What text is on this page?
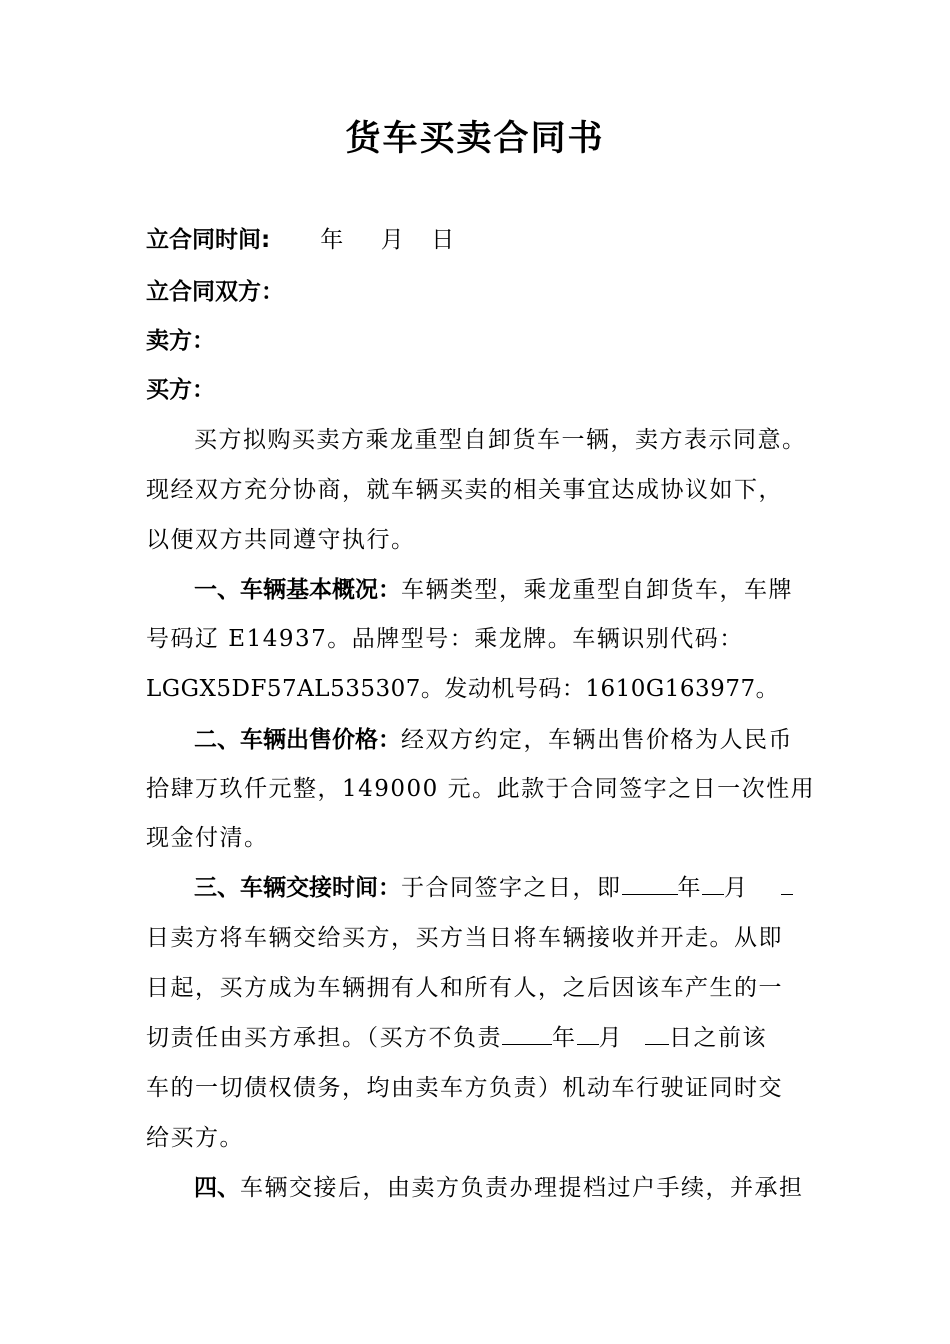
货车买卖合同书
立合同时间: 年 月 日
立合同双方：
卖方：
买方：
买方拟购买卖方乘龙重型自卸货车一辆，卖方表示同意。
现经双方充分协商，就车辆买卖的相关事宜达成协议如下，
以便双方共同遵守执行。
一、车辆基本概况：车辆类型，乘龙重型自卸货车，车牌
号码辽 E14937。品牌型号：乘龙牌。车辆识别代码：
LGGX5DF57AL535307。发动机号码：1610G163977。
二、车辆出售价格：经双方约定，车辆出售价格为人民币
拾肆万玖仟元整，149000 元。此款于合同签字之日一次性用
现金付清。
三、车辆交接时间：于合同签字之日，即 年 月
日卖方将车辆交给买方，买方当日将车辆接收并开走。从即
日起，买方成为车辆拥有人和所有人，之后因该车产生的一
切责任由买方承担。（买方不负责 年 月 日之前该
车的一切债权债务，均由卖车方负责）机动车行驶证同时交
给买方。
四、车辆交接后，由卖方负责办理提档过户手续，并承担
